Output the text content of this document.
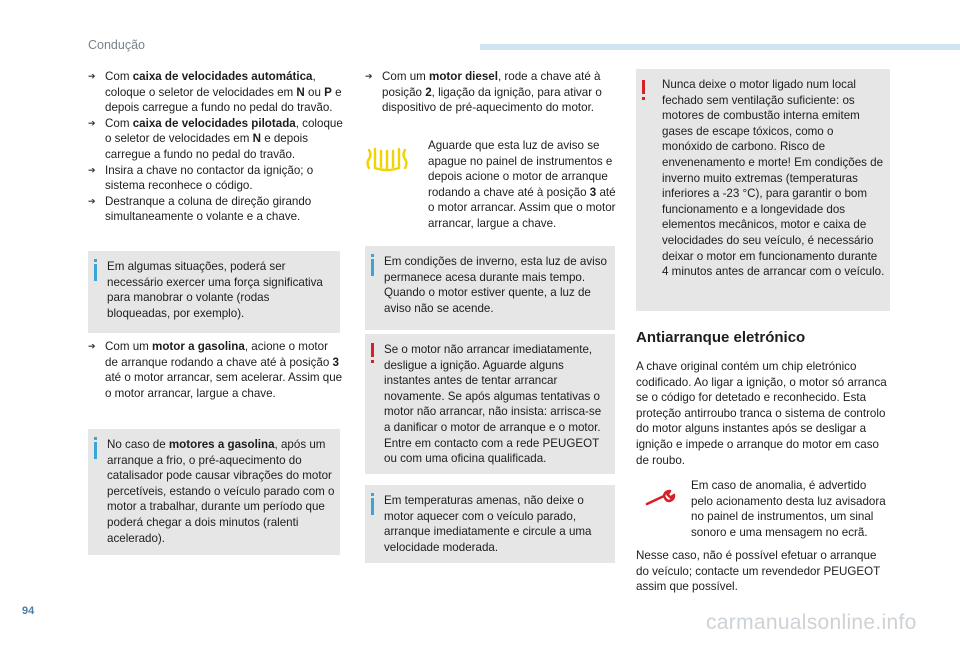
Condução
➔ Com caixa de velocidades automática, coloque o seletor de velocidades em N ou P e depois carregue a fundo no pedal do travão.

➔ Com caixa de velocidades pilotada, coloque o seletor de velocidades em N e depois carregue a fundo no pedal do travão.

➔ Insira a chave no contactor da ignição; o sistema reconhece o código.

➔ Destranque a coluna de direção girando simultaneamente o volante e a chave.

Em algumas situações, poderá ser necessário exercer uma força significativa para manobrar o volante (rodas bloqueadas, por exemplo).

➔ Com um motor a gasolina, acione o motor de arranque rodando a chave até à posição 3 até o motor arrancar, sem acelerar. Assim que o motor arrancar, largue a chave.

No caso de motores a gasolina, após um arranque a frio, o pré-aquecimento do catalisador pode causar vibrações do motor percetíveis, estando o veículo parado com o motor a trabalhar, durante um período que poderá chegar a dois minutos (ralenti acelerado).

➔ Com um motor diesel, rode a chave até à posição 2, ligação da ignição, para ativar o dispositivo de pré-aquecimento do motor.

Aguarde que esta luz de aviso se apague no painel de instrumentos e depois acione o motor de arranque rodando a chave até à posição 3 até o motor arrancar. Assim que o motor arrancar, largue a chave.

Em condições de inverno, esta luz de aviso permanece acesa durante mais tempo. Quando o motor estiver quente, a luz de aviso não se acende.

Se o motor não arrancar imediatamente, desligue a ignição. Aguarde alguns instantes antes de tentar arrancar novamente. Se após algumas tentativas o motor não arrancar, não insista: arrisca-se a danificar o motor de arranque e o motor. Entre em contacto com a rede PEUGEOT ou com uma oficina qualificada.

Em temperaturas amenas, não deixe o motor aquecer com o veículo parado, arranque imediatamente e circule a uma velocidade moderada.

Nunca deixe o motor ligado num local fechado sem ventilação suficiente: os motores de combustão interna emitem gases de escape tóxicos, como o monóxido de carbono. Risco de envenenamento e morte! Em condições de inverno muito extremas (temperaturas inferiores a -23 °C), para garantir o bom funcionamento e a longevidade dos elementos mecânicos, motor e caixa de velocidades do seu veículo, é necessário deixar o motor em funcionamento durante 4 minutos antes de arrancar com o veículo.

Antiarranque eletrónico

A chave original contém um chip eletrónico codificado. Ao ligar a ignição, o motor só arranca se o código for detetado e reconhecido. Esta proteção antirroubo tranca o sistema de controlo do motor alguns instantes após se desligar a ignição e impede o arranque do motor em caso de roubo.

Em caso de anomalia, é advertido pelo acionamento desta luz avisadora no painel de instrumentos, um sinal sonoro e uma mensagem no ecrã.

Nesse caso, não é possível efetuar o arranque do veículo; contacte um revendedor PEUGEOT assim que possível.

94	carmanualsonline.info
